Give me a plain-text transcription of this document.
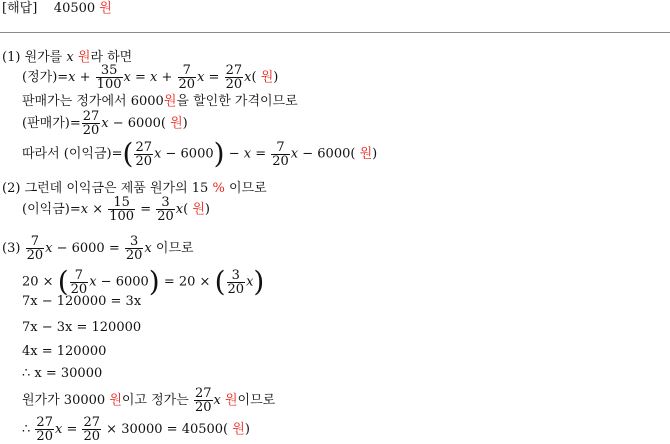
[해답] 40500 원
(1) 원가를 x 원라 하면
(정가)$=x + \frac{35}{100}$ $x = x + \frac{7}{20}$ $x = \frac{27}{20} x$( 원)
판매가는 정가에서 6000원을 할인한 가격이므로
(판매가)= $\frac{27}{20}$ x − 6000( 원)
따라서 (이익금)=( $\frac{27}{20}$ $x - 6000) - x = \frac{7}{20}$ x − 6000( 원)
(2) 그런데 이익금은 제품 원가의 15 % 이므로
(이익금)$=x \times \frac{15}{100} = \frac{3}{20} x$( 원)
$(3) \frac{7}{20}$ $x - 6000 = \frac{3}{20}$ x 이므로
20 × ( $\frac{7}{20}$ x − 6000) = 20 × ( $\frac{3}{20} x$)
7x − 120000 = 3x
7x − 3x = 120000
4x = 120000
∴ x = 30000
원가가 30000 원이고 정가는 $\frac{27}{20}$ x 원이므로
∴ $\frac{27}{20}$ $x = \frac{27}{20} \times 30000 = 40500$( 원)
